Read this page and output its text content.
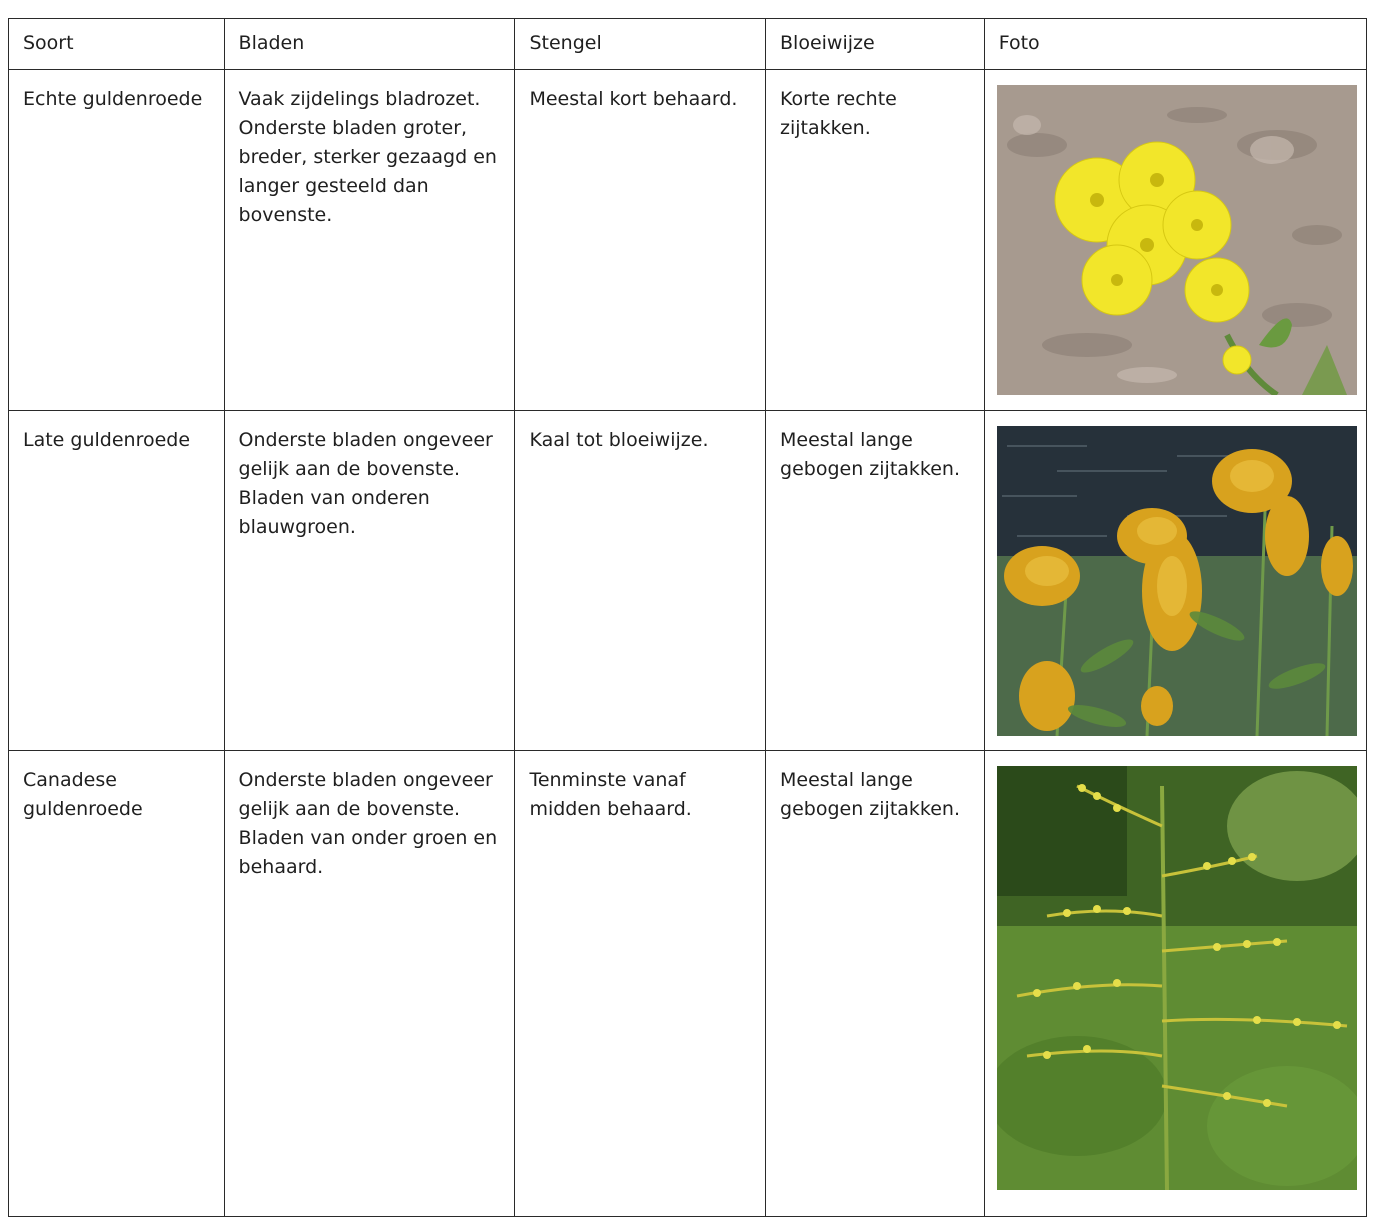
Soort	Bladen	Stengel	Bloeiwijze	Foto
Echte guldenroede	Vaak zijdelings bladrozet. Onderste bladen groter, breder, sterker gezaagd en langer gesteeld dan bovenste.	Meestal kort behaard.	Korte rechte zijtakken.	

Late guldenroede	Onderste bladen ongeveer gelijk aan de bovenste. Bladen van onderen blauwgroen.	Kaal tot bloeiwijze.	Meestal lange gebogen zijtakken.	

Canadese guldenroede	Onderste bladen ongeveer gelijk aan de bovenste. Bladen van onder groen en behaard.	Tenminste vanaf midden behaard.	Meestal lange gebogen zijtakken.	
